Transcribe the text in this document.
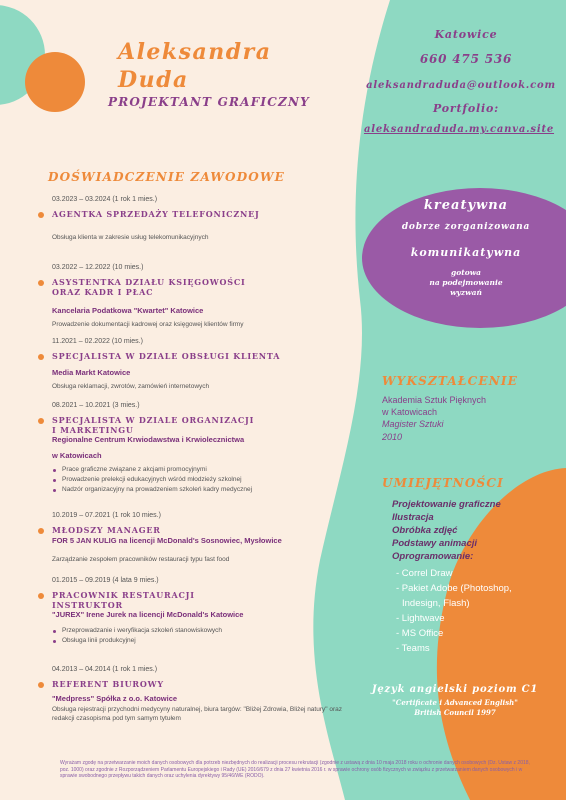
Aleksandra
Duda
PROJEKTANT GRAFICZNY
Katowice
660 475 536
aleksandraduda@outlook.com
Portfolio:
aleksandraduda.my.canva.site
DOŚWIADCZENIE ZAWODOWE
03.2023 – 03.2024 (1 rok 1 mies.)
AGENTKA SPRZEDAŻY TELEFONICZNEJ
Obsługa klienta w zakresie usług telekomunikacyjnych
03.2022 – 12.2022 (10 mies.)
ASYSTENTKA DZIAŁU KSIĘGOWOŚCI
ORAZ KADR I PŁAC
Kancelaria Podatkowa "Kwartet" Katowice
Prowadzenie dokumentacji kadrowej oraz księgowej klientów firmy
11.2021 – 02.2022 (10 mies.)
SPECJALISTA W DZIALE OBSŁUGI KLIENTA
Media Markt Katowice
Obsługa reklamacji, zwrotów, zamówień internetowych
08.2021 – 10.2021 (3 mies.)
SPECJALISTA W DZIALE ORGANIZACJI
I MARKETINGU
Regionalne Centrum Krwiodawstwa i Krwiolecznictwa
w Katowicach
Prace graficzne związane z akcjami promocyjnymi
Prowadzenie prelekcji edukacyjnych wśród młodzieży szkolnej
Nadzór organizacyjny na prowadzeniem szkoleń kadry medycznej
10.2019 – 07.2021 (1 rok 10 mies.)
MŁODSZY MANAGER
FOR 5 JAN KULIG na licencji McDonald's Sosnowiec, Mysłowice
Zarządzanie zespołem pracowników restauracji typu fast food
01.2015 – 09.2019 (4 lata 9 mies.)
PRACOWNIK RESTAURACJI
INSTRUKTOR
"JUREX" Irene Jurek na licencji McDonald's Katowice
Przeprowadzanie i weryfikacja szkoleń stanowiskowych
Obsługa linii produkcyjnej
04.2013 – 04.2014 (1 rok 1 mies.)
REFERENT BIUROWY
"Medpress" Spółka z o.o. Katowice
Obsługa rejestracji przychodni medycyny naturalnej, biura targów: "Bliżej Zdrowia, Bliżej natury" oraz redakcji czasopisma pod tym samym tytułem
kreatywna
dobrze zorganizowana
komunikatywna
gotowa
na podejmowanie
wyzwań
WYKSZTAŁCENIE
Akademia Sztuk Pięknych
w Katowicach
Magister Sztuki
2010
UMIEJĘTNOŚCI
Projektowanie graficzne
Ilustracja
Obróbka zdjęć
Podstawy animacji
Oprogramowanie:
- Correl Draw
- Pakiet Adobe (Photoshop,
Indesign, Flash)
- Lightwave
- MS Office
- Teams
Język angielski poziom C1
"Certificate i Advanced English"
British Council 1997
Wyrażam zgodę na przetwarzanie moich danych osobowych dla potrzeb niezbędnych do realizacji procesu rekrutacji (zgodnie z ustawą z dnia 10 maja 2018 roku o ochronie danych osobowych (Dz. Ustaw z 2018, poz. 1000) oraz zgodnie z Rozporządzeniem Parlamentu Europejskiego i Rady (UE) 2016/679 z dnia 27 kwietnia 2016 r. w sprawie ochrony osób fizycznych w związku z przetwarzaniem danych osobowych i w sprawie swobodnego przepływu takich danych oraz uchylenia dyrektywy 95/46/WE (RODO).
